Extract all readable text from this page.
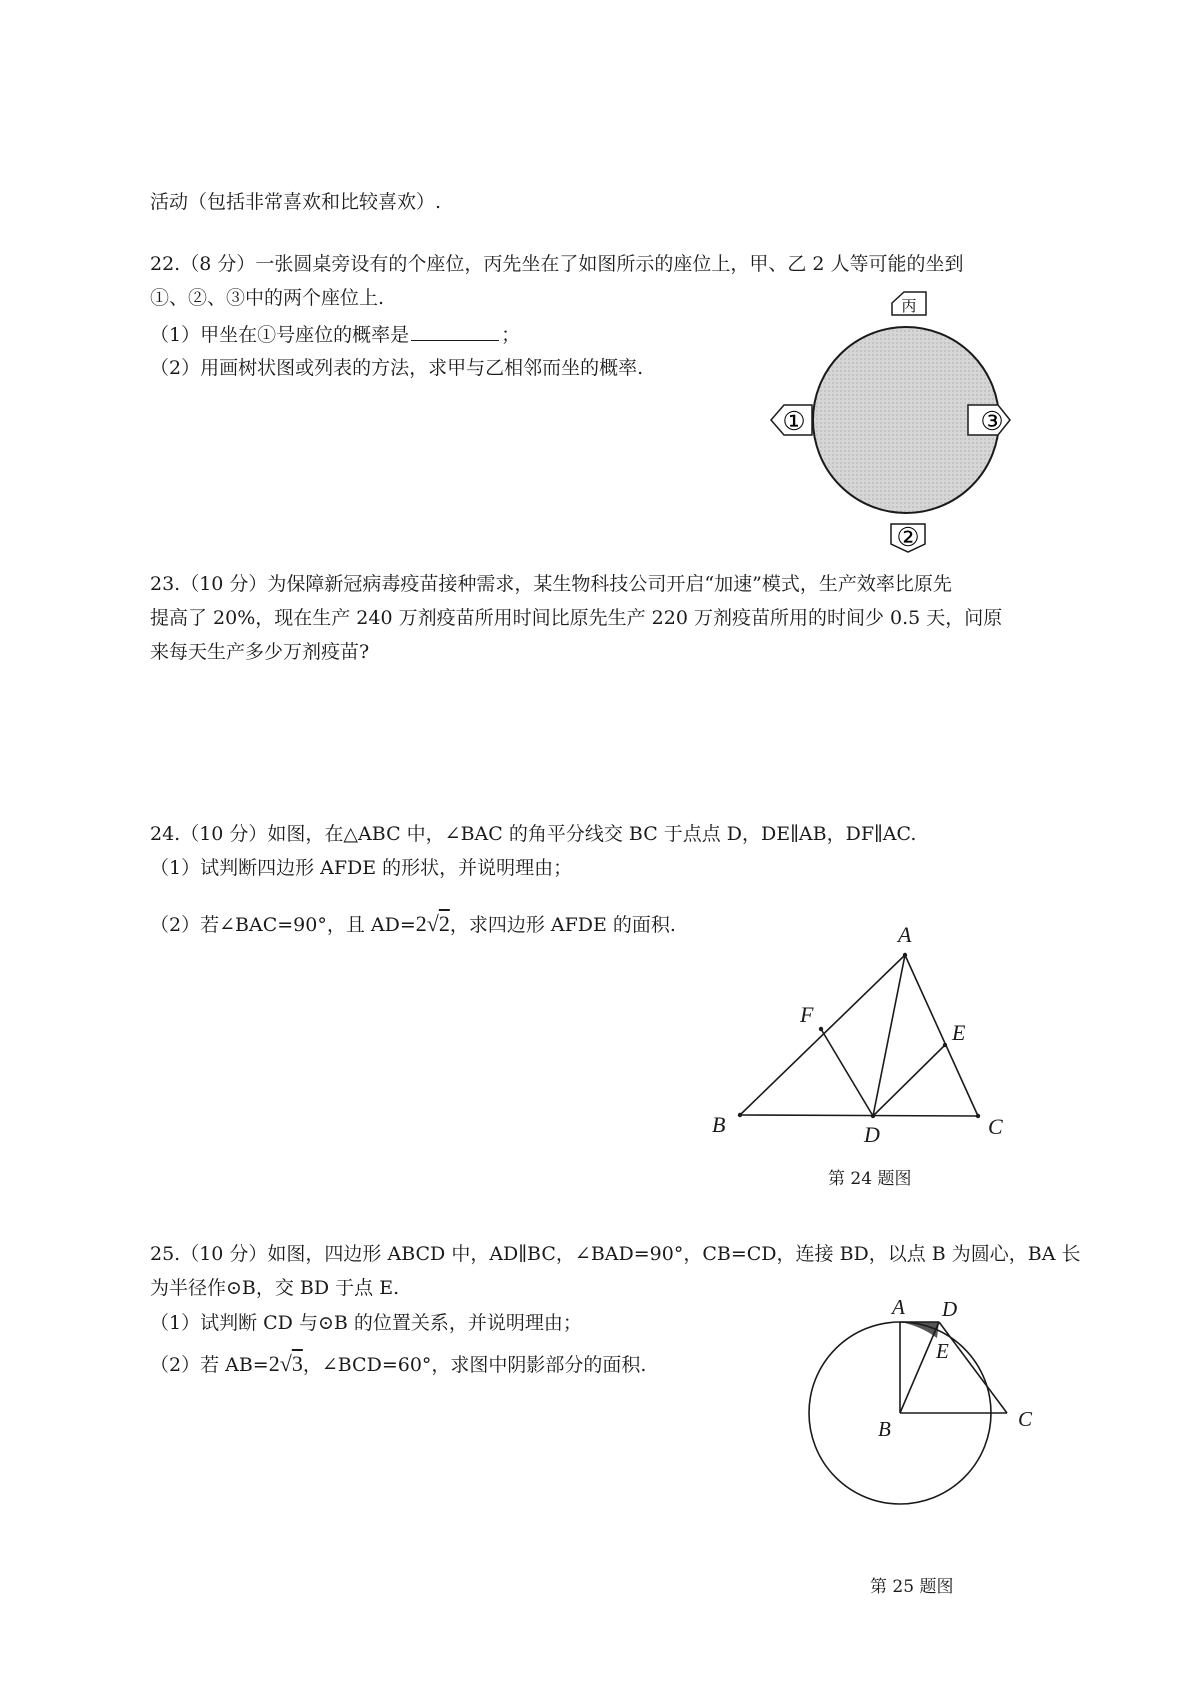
活动（包括非常喜欢和比较喜欢）.
22.（8 分）一张圆桌旁设有的个座位，丙先坐在了如图所示的座位上，甲、乙 2 人等可能的坐到
①、②、③中的两个座位上.
（1）甲坐在①号座位的概率是	；
（2）用画树状图或列表的方法，求甲与乙相邻而坐的概率.
丙
①	③
②
23.（10 分）为保障新冠病毒疫苗接种需求，某生物科技公司开启“加速”模式，生产效率比原先
提高了 20%，现在生产 240 万剂疫苗所用时间比原先生产 220 万剂疫苗所用的时间少 0.5 天，问原
来每天生产多少万剂疫苗?
24.（10 分）如图，在△ABC 中，∠BAC 的角平分线交 BC 于点点 D，DE∥AB，DF∥AC.
（1）试判断四边形 AFDE 的形状，并说明理由；
（2）若∠BAC=90°，且 AD=2√2，求四边形 AFDE 的面积.	A
B	C
D
E
F
第 24 题图
25.（10 分）如图，四边形 ABCD 中，AD∥BC，∠BAD=90°，CB=CD，连接 BD，以点 B 为圆心，BA 长
为半径作⊙B，交 BD 于点 E.
（1）试判断 CD 与⊙B 的位置关系，并说明理由；
（2）若 AB=2√3，∠BCD=60°，求图中阴影部分的面积.
A D
E
B	C
第 25 题图
